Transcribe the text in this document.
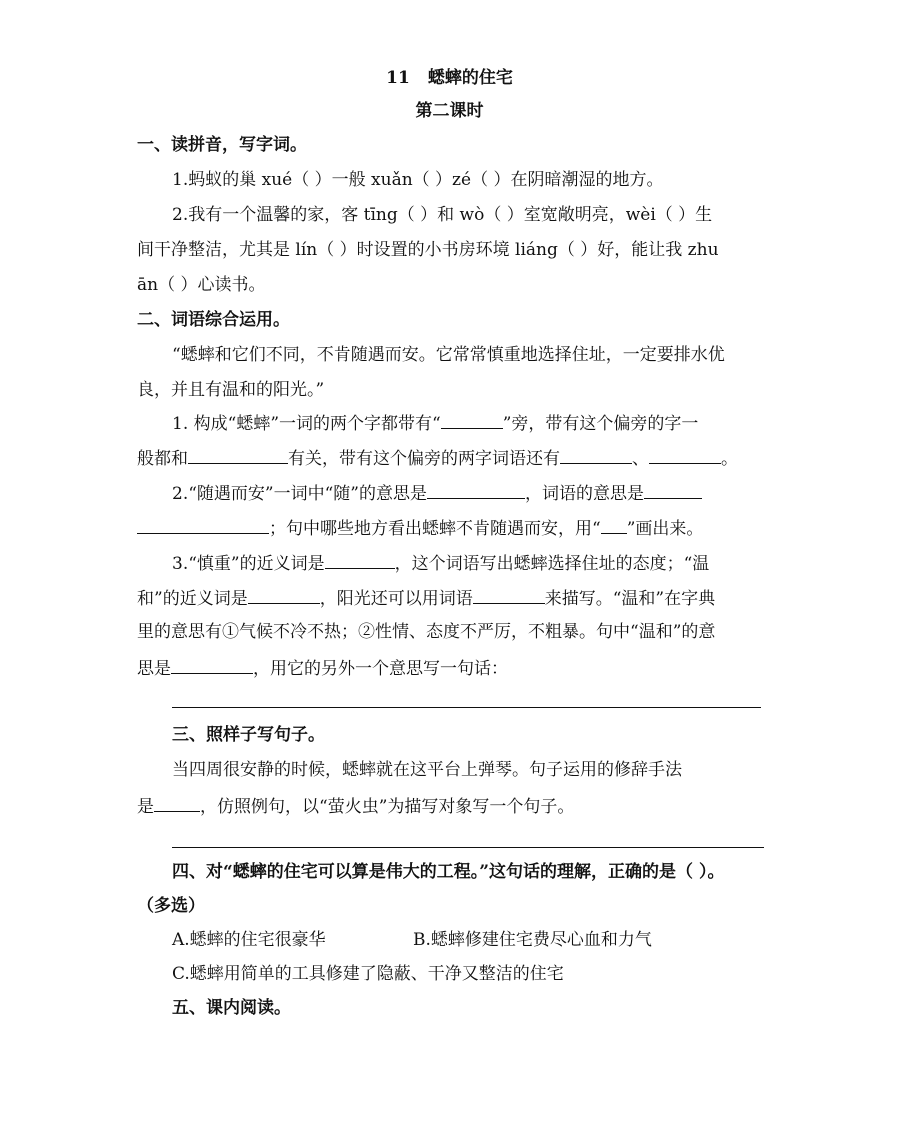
11 蟋蟀的住宅
第二课时
一、读拼音，写字词。
1.蚂蚁的巢 xué（ ）一般 xuǎn（ ）zé（ ）在阴暗潮湿的地方。
2.我有一个温馨的家，客 tīng（ ）和 wò（ ）室宽敞明亮，wèi（ ）生
间干净整洁，尤其是 lín（ ）时设置的小书房环境 liáng（ ）好，能让我 zhu
ān（ ）心读书。
二、词语综合运用。
“蟋蟀和它们不同，不肯随遇而安。它常常慎重地选择住址，一定要排水优
良，并且有温和的阳光。”
1. 构成“蟋蟀”一词的两个字都带有“	”旁，带有这个偏旁的字一
般都和	有关，带有这个偏旁的两字词语还有	、	。
2.“随遇而安”一词中“随”的意思是	，词语的意思是
；句中哪些地方看出蟋蟀不肯随遇而安，用“ ”画出来。
3.“慎重”的近义词是	，这个词语写出蟋蟀选择住址的态度；“温
和”的近义词是	，阳光还可以用词语	来描写。“温和”在字典
里的意思有①气候不冷不热；②性情、态度不严厉，不粗暴。句中“温和”的意
思是	，用它的另外一个意思写一句话：
三、照样子写句子。
当四周很安静的时候，蟋蟀就在这平台上弹琴。句子运用的修辞手法
是	，仿照例句，以“萤火虫”为描写对象写一个句子。
四、对“蟋蟀的住宅可以算是伟大的工程。”这句话的理解，正确的是（ ）。
（多选）
A.蟋蟀的住宅很豪华	B.蟋蟀修建住宅费尽心血和力气
C.蟋蟀用简单的工具修建了隐蔽、干净又整洁的住宅
五、课内阅读。
